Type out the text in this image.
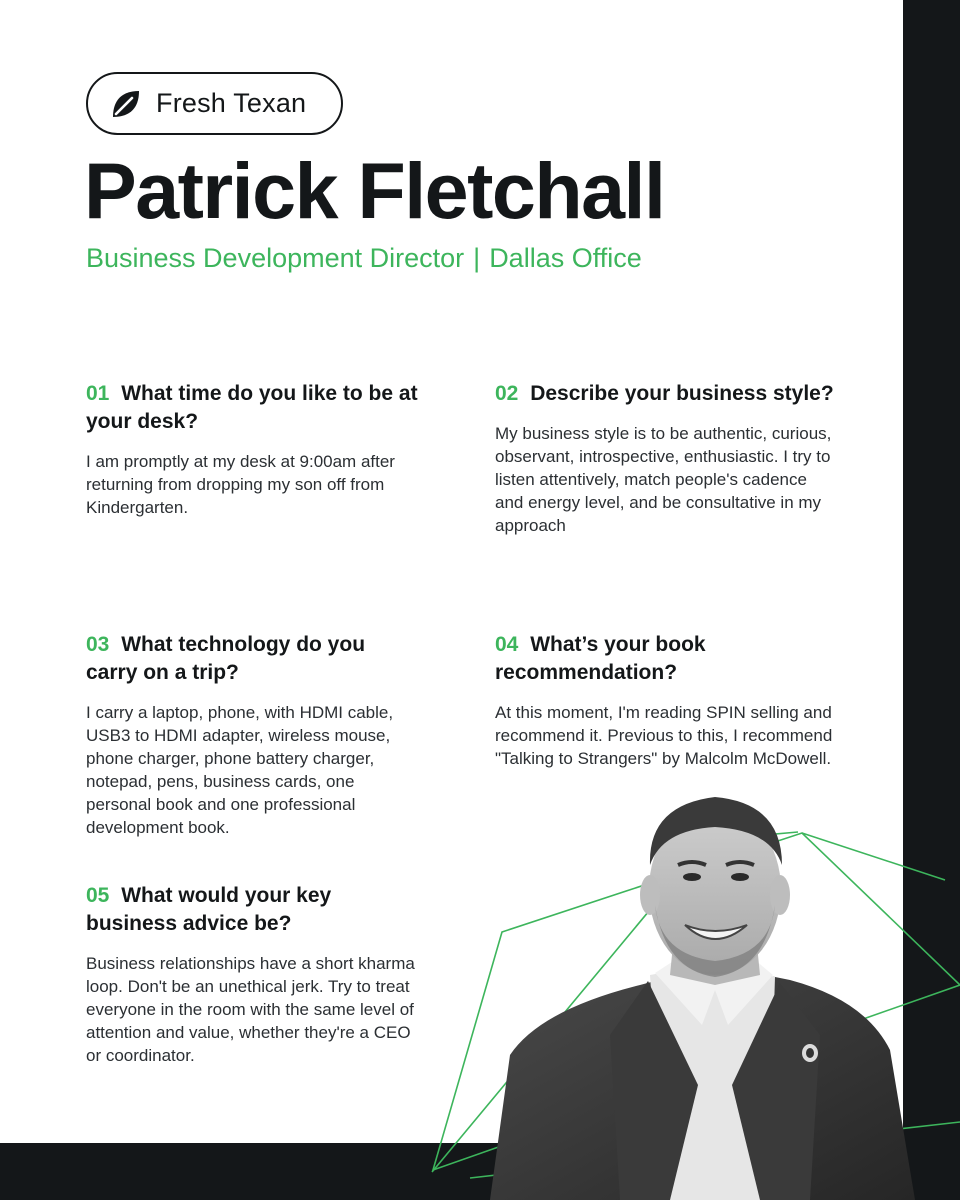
Fresh Texan
Patrick Fletchall
Business Development Director | Dallas Office
01 What time do you like to be at your desk?
I am promptly at my desk at 9:00am after returning from dropping my son off from Kindergarten.
02 Describe your business style?
My business style is to be authentic, curious, observant, introspective, enthusiastic. I try to listen attentively, match people's cadence and energy level, and be consultative in my approach
03 What technology do you carry on a trip?
I carry a laptop, phone, with HDMI cable, USB3 to HDMI adapter, wireless mouse, phone charger, phone battery charger, notepad, pens, business cards, one personal book and one professional development book.
04 What’s your book recommendation?
At this moment, I'm reading SPIN selling and recommend it. Previous to this, I recommend "Talking to Strangers" by Malcolm McDowell.
05 What would your key business advice be?
Business relationships have a short kharma loop. Don't be an unethical jerk. Try to treat everyone in the room with the same level of attention and value, whether they're a CEO or coordinator.
